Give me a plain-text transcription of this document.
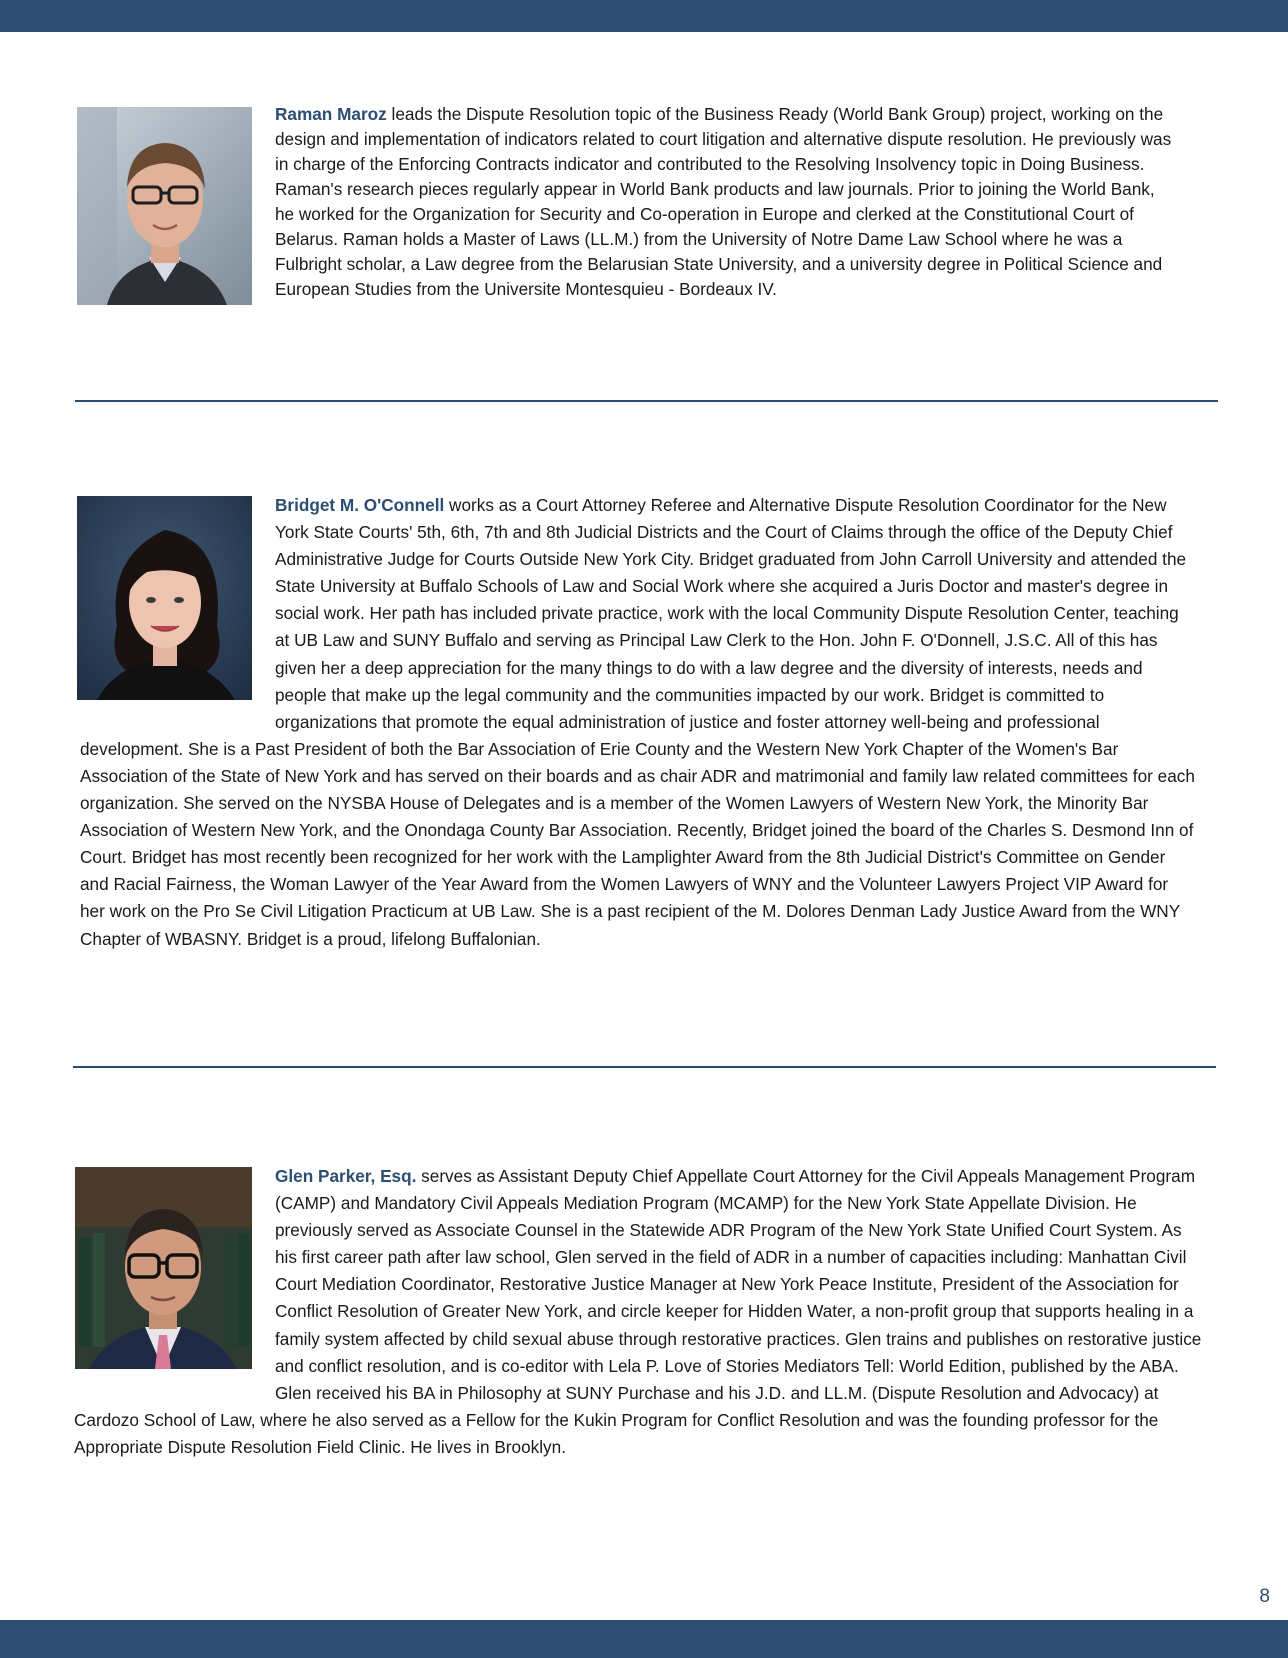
Raman Maroz leads the Dispute Resolution topic of the Business Ready (World Bank Group) project, working on the design and implementation of indicators related to court litigation and alternative dispute resolution. He previously was in charge of the Enforcing Contracts indicator and contributed to the Resolving Insolvency topic in Doing Business. Raman's research pieces regularly appear in World Bank products and law journals. Prior to joining the World Bank, he worked for the Organization for Security and Co-operation in Europe and clerked at the Constitutional Court of Belarus. Raman holds a Master of Laws (LL.M.) from the University of Notre Dame Law School where he was a Fulbright scholar, a Law degree from the Belarusian State University, and a university degree in Political Science and European Studies from the Universite Montesquieu - Bordeaux IV.

Bridget M. O'Connell works as a Court Attorney Referee and Alternative Dispute Resolution Coordinator for the New York State Courts' 5th, 6th, 7th and 8th Judicial Districts and the Court of Claims through the office of the Deputy Chief Administrative Judge for Courts Outside New York City. Bridget graduated from John Carroll University and attended the State University at Buffalo Schools of Law and Social Work where she acquired a Juris Doctor and master's degree in social work. Her path has included private practice, work with the local Community Dispute Resolution Center, teaching at UB Law and SUNY Buffalo and serving as Principal Law Clerk to the Hon. John F. O'Donnell, J.S.C. All of this has given her a deep appreciation for the many things to do with a law degree and the diversity of interests, needs and people that make up the legal community and the communities impacted by our work. Bridget is committed to organizations that promote the equal administration of justice and foster attorney well-being and professional development. She is a Past President of both the Bar Association of Erie County and the Western New York Chapter of the Women's Bar Association of the State of New York and has served on their boards and as chair ADR and matrimonial and family law related committees for each organization. She served on the NYSBA House of Delegates and is a member of the Women Lawyers of Western New York, the Minority Bar Association of Western New York, and the Onondaga County Bar Association. Recently, Bridget joined the board of the Charles S. Desmond Inn of Court. Bridget has most recently been recognized for her work with the Lamplighter Award from the 8th Judicial District's Committee on Gender and Racial Fairness, the Woman Lawyer of the Year Award from the Women Lawyers of WNY and the Volunteer Lawyers Project VIP Award for her work on the Pro Se Civil Litigation Practicum at UB Law. She is a past recipient of the M. Dolores Denman Lady Justice Award from the WNY Chapter of WBASNY. Bridget is a proud, lifelong Buffalonian.

Glen Parker, Esq. serves as Assistant Deputy Chief Appellate Court Attorney for the Civil Appeals Management Program (CAMP) and Mandatory Civil Appeals Mediation Program (MCAMP) for the New York State Appellate Division. He previously served as Associate Counsel in the Statewide ADR Program of the New York State Unified Court System. As his first career path after law school, Glen served in the field of ADR in a number of capacities including: Manhattan Civil Court Mediation Coordinator, Restorative Justice Manager at New York Peace Institute, President of the Association for Conflict Resolution of Greater New York, and circle keeper for Hidden Water, a non-profit group that supports healing in a family system affected by child sexual abuse through restorative practices. Glen trains and publishes on restorative justice and conflict resolution, and is co-editor with Lela P. Love of Stories Mediators Tell: World Edition, published by the ABA. Glen received his BA in Philosophy at SUNY Purchase and his J.D. and LL.M. (Dispute Resolution and Advocacy) at Cardozo School of Law, where he also served as a Fellow for the Kukin Program for Conflict Resolution and was the founding professor for the Appropriate Dispute Resolution Field Clinic. He lives in Brooklyn.

8
